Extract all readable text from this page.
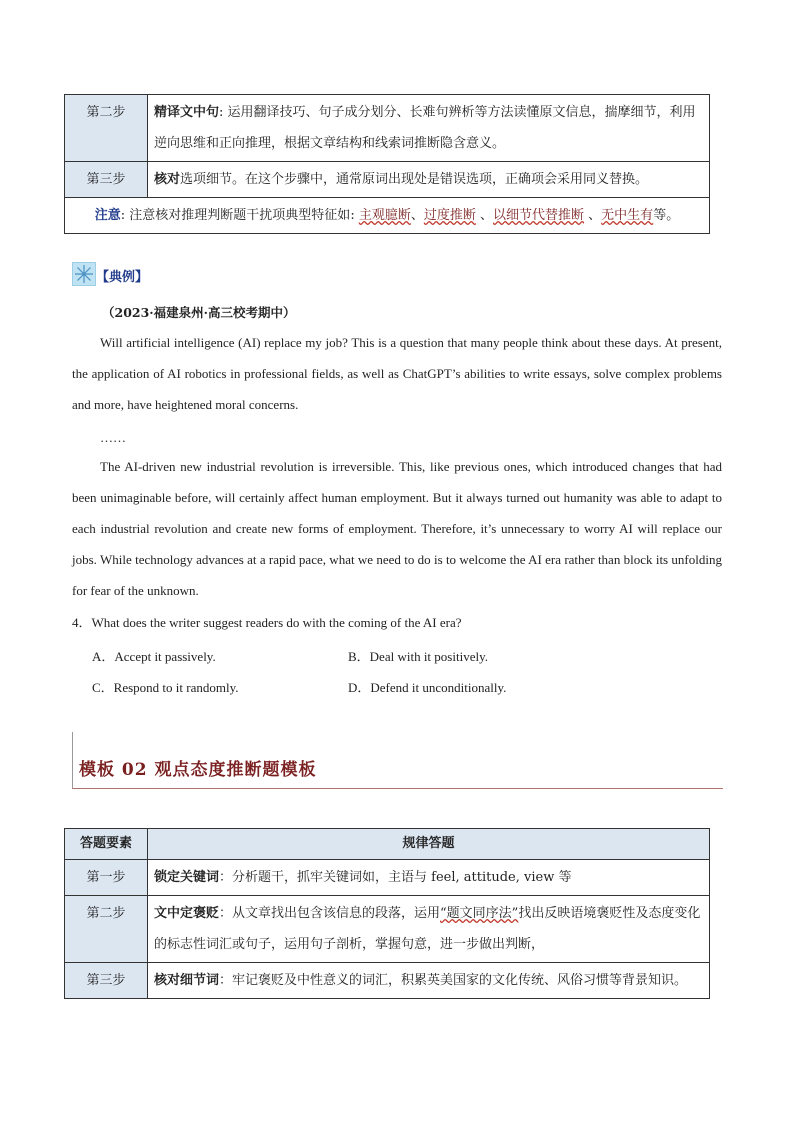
第二步	精译文中句: 运用翻译技巧、句子成分划分、长难句辨析等方法读懂原文信息，揣摩细节，利用逆向思维和正向推理，根据文章结构和线索词推断隐含意义。
第三步	核对选项细节。在这个步骤中，通常原词出现处是错误选项，正确项会采用同义替换。
注意: 注意核对推理判断题干扰项典型特征如: 主观臆断、过度推断 、以细节代替推断 、无中生有等。	
【典例】
（2023·福建泉州·高三校考期中）
Will artificial intelligence (AI) replace my job? This is a question that many people think about these days. At present, the application of AI robotics in professional fields, as well as ChatGPT’s abilities to write essays, solve complex problems and more, have heightened moral concerns.
……
The AI-driven new industrial revolution is irreversible. This, like previous ones, which introduced changes that had been unimaginable before, will certainly affect human employment. But it always turned out humanity was able to adapt to each industrial revolution and create new forms of employment. Therefore, it’s unnecessary to worry AI will replace our jobs. While technology advances at a rapid pace, what we need to do is to welcome the AI era rather than block its unfolding for fear of the unknown.
4．What does the writer suggest readers do with the coming of the AI era?
A．Accept it passively.	B．Deal with it positively.
C．Respond to it randomly.	D．Defend it unconditionally.
模板 02 观点态度推断题模板
答题要素	规律答题
第一步	锁定关键词：分析题干，抓牢关键词如，主语与 feel, attitude, view 等
第二步	文中定褒贬：从文章找出包含该信息的段落，运用“题文同序法”找出反映语境褒贬性及态度变化的标志性词汇或句子，运用句子剖析，掌握句意，进一步做出判断，
第三步	核对细节词：牢记褒贬及中性意义的词汇，积累英美国家的文化传统、风俗习惯等背景知识。
